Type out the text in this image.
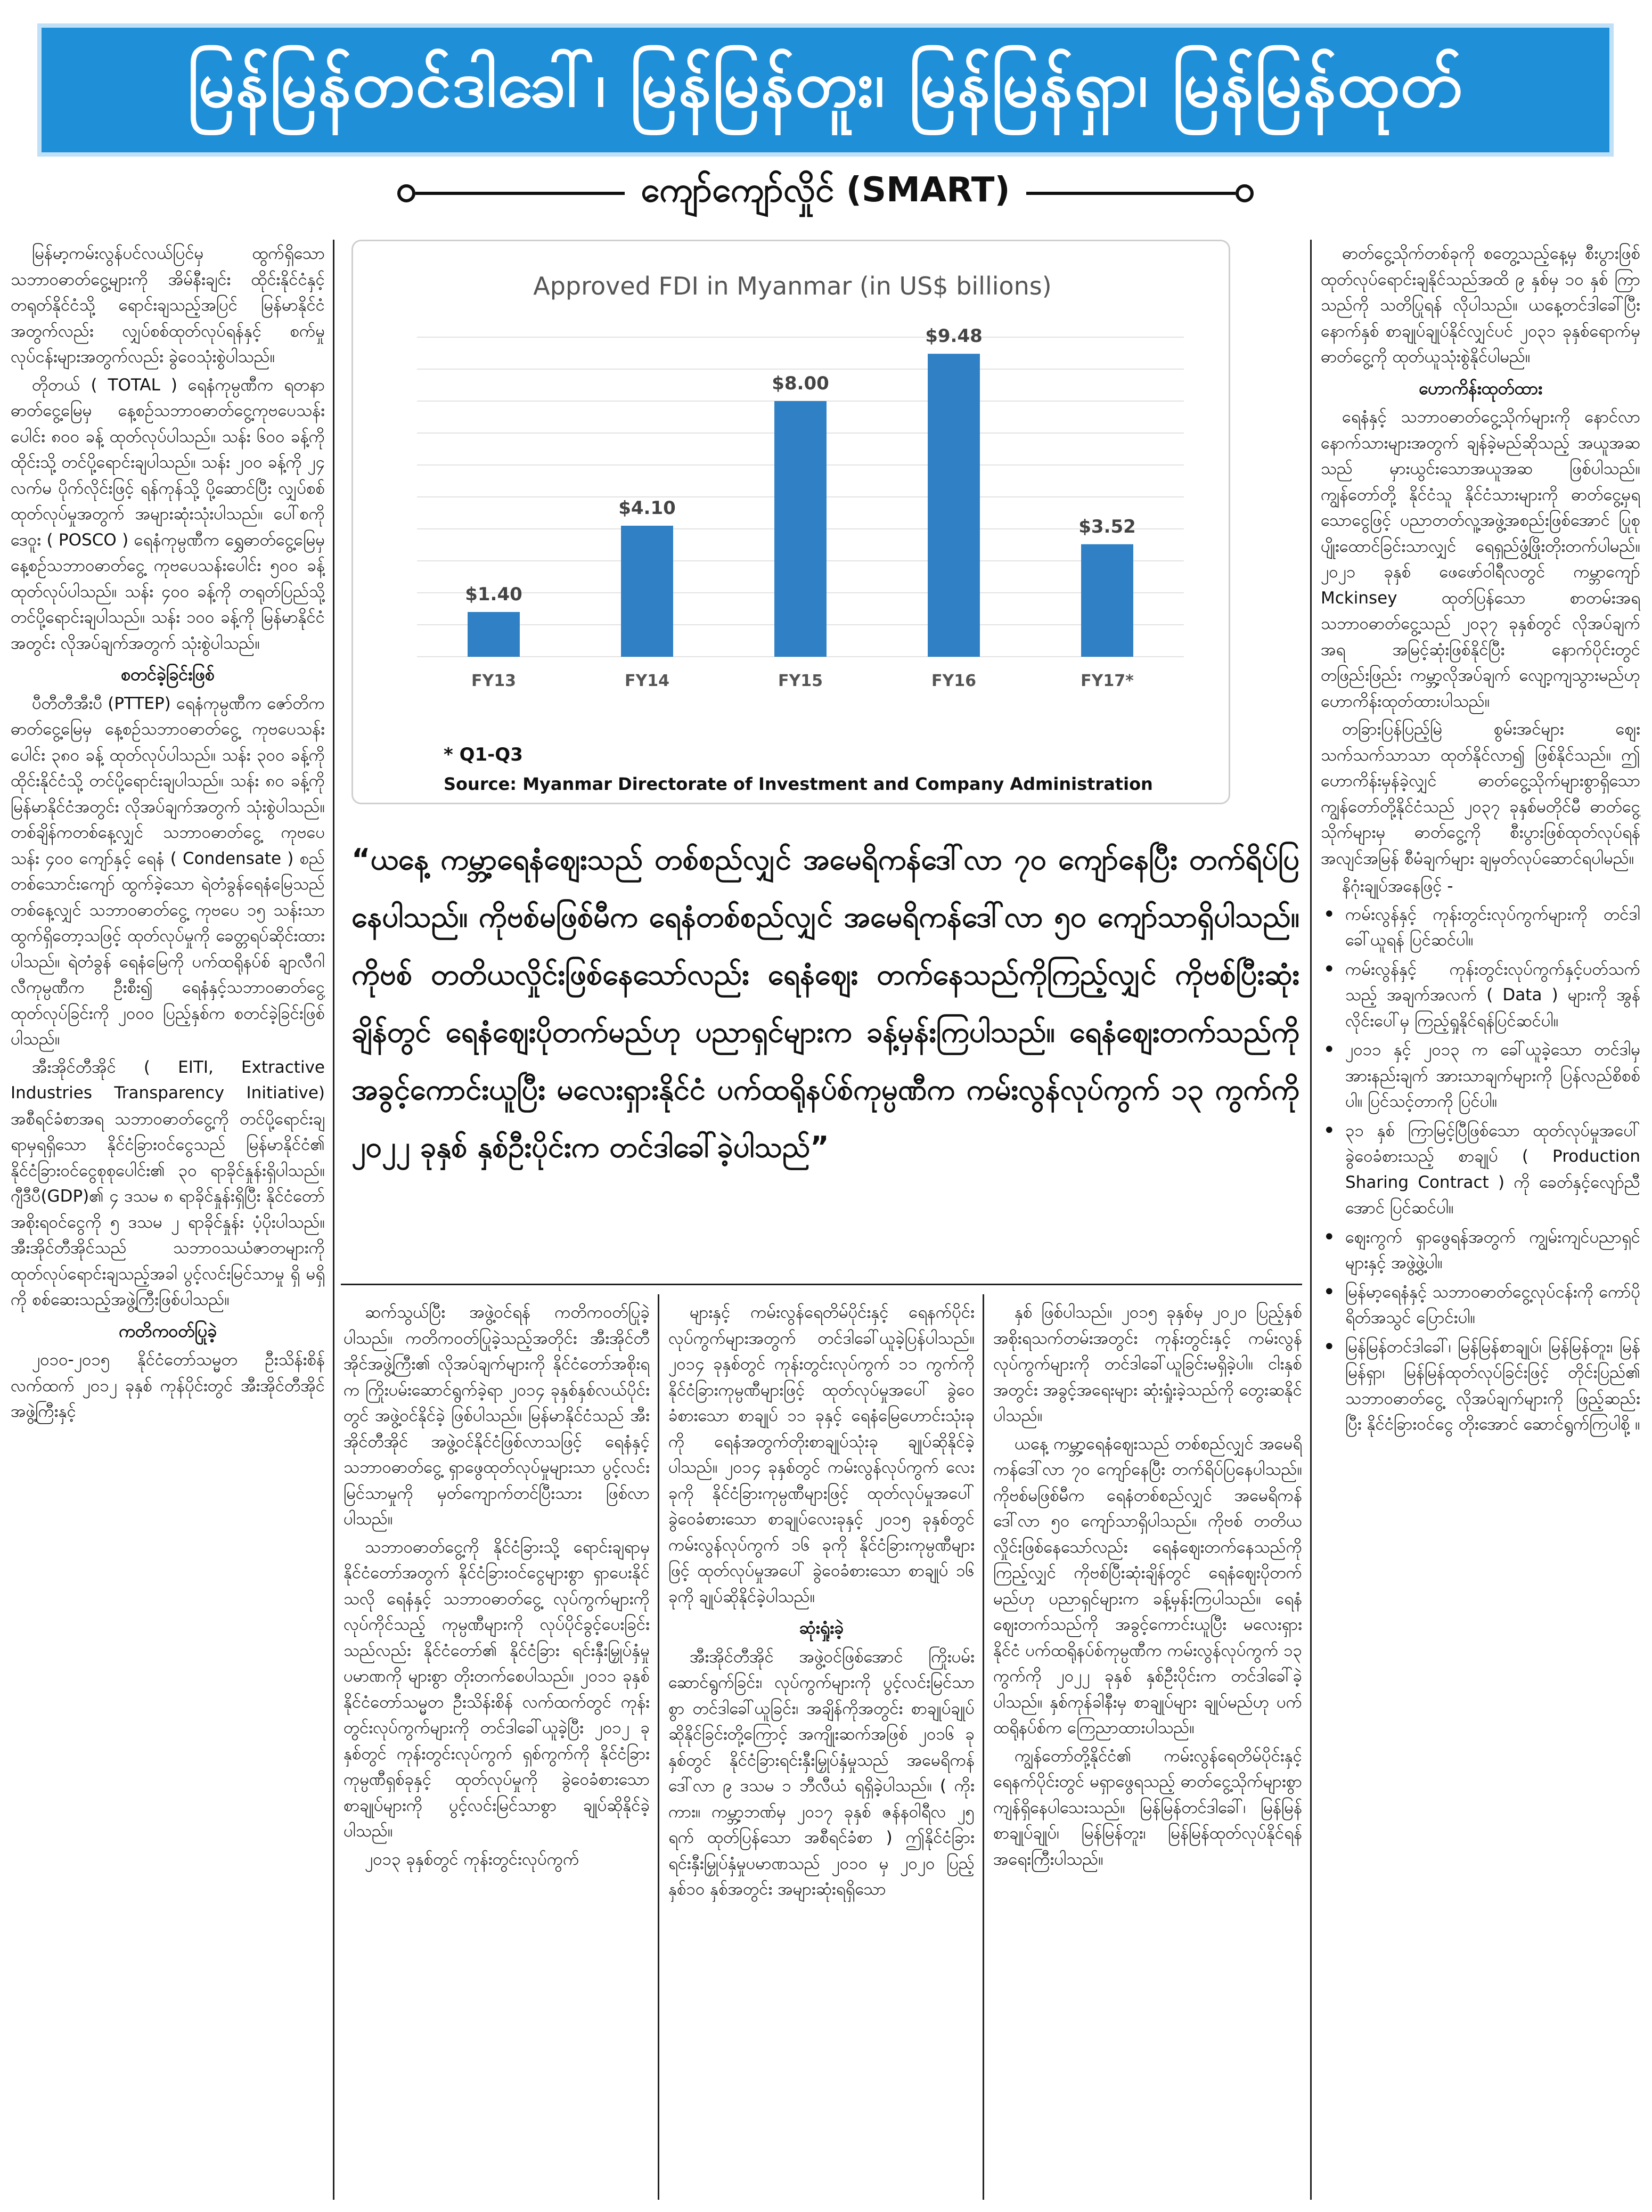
မြန်မြန်တင်ဒါခေါ်၊ မြန်မြန်တူး၊ မြန်မြန်ရှာ၊ မြန်မြန်ထုတ်
ကျော်ကျော်လှိုင် (SMART)

မြန်မာ့ကမ်းလွန်ပင်လယ်ပြင်မှ ထွက်ရှိသော သဘာဝဓာတ်ငွေ့များကို အိမ်နီးချင်း ထိုင်းနိုင်ငံနှင့် တရုတ်နိုင်ငံသို့ ရောင်းချသည့်အပြင် မြန်မာနိုင်ငံအတွက်လည်း လျှပ်စစ်ထုတ်လုပ်ရန်နှင့် စက်မှုလုပ်ငန်းများအတွက်လည်း ခွဲဝေသုံးစွဲပါသည်။

တိုတယ် ( TOTAL ) ရေနံကုမ္ပဏီက ရတနာဓာတ်ငွေ့မြေမှ နေ့စဉ်သဘာဝဓာတ်ငွေ့ကုဗပေသန်းပေါင်း ၈၀၀ ခန့် ထုတ်လုပ်ပါသည်။ သန်း ၆၀၀ ခန့်ကို ထိုင်းသို့ တင်ပို့ရောင်းချပါသည်။ သန်း ၂၀၀ ခန့်ကို ၂၄ လက်မ ပိုက်လိုင်းဖြင့် ရန်ကုန်သို့ ပို့ဆောင်ပြီး လျှပ်စစ်ထုတ်လုပ်မှုအတွက် အများဆုံးသုံးပါသည်။ ပေါ်စကိုဒေဝူး ( POSCO ) ရေနံကုမ္ပဏီက ရွှေဓာတ်ငွေ့မြေမှ နေ့စဉ်သဘာဝဓာတ်ငွေ့ ကုဗပေသန်းပေါင်း ၅၀၀ ခန့် ထုတ်လုပ်ပါသည်။ သန်း ၄၀၀ ခန့်ကို တရုတ်ပြည်သို့ တင်ပို့ရောင်းချပါသည်။ သန်း ၁၀၀ ခန့်ကို မြန်မာနိုင်ငံအတွင်း လိုအပ်ချက်အတွက် သုံးစွဲပါသည်။

စတင်ခဲ့ခြင်းဖြစ်

ပီတီတီအီးပီ (PTTEP) ရေနံကုမ္ပဏီက ဇော်တိကဓာတ်ငွေ့မြေမှ နေ့စဉ်သဘာဝဓာတ်ငွေ့ ကုဗပေသန်းပေါင်း ၃၈၀ ခန့် ထုတ်လုပ်ပါသည်။ သန်း ၃၀၀ ခန့်ကို ထိုင်းနိုင်ငံသို့ တင်ပို့ရောင်းချပါသည်။ သန်း ၈၀ ခန့်ကို မြန်မာနိုင်ငံအတွင်း လိုအပ်ချက်အတွက် သုံးစွဲပါသည်။ တစ်ချိန်ကတစ်နေ့လျှင် သဘာဝဓာတ်ငွေ့ ကုဗပေ သန်း ၄၀၀ ကျော်နှင့် ရေနံ ( Condensate ) စည် တစ်သောင်းကျော် ထွက်ခဲ့သော ရဲတံခွန်ရေနံမြေသည် တစ်နေ့လျှင် သဘာဝဓာတ်ငွေ့ ကုဗပေ ၁၅ သန်းသာ ထွက်ရှိတော့သဖြင့် ထုတ်လုပ်မှုကို ခေတ္တရပ်ဆိုင်းထားပါသည်။ ရဲတံခွန် ရေနံမြေကို ပက်ထရိုနပ်စ် ချာလီဂါလီကုမ္ပဏီက ဦးစီး၍ ရေနံနှင့်သဘာဝဓာတ်ငွေ့ ထုတ်လုပ်ခြင်းကို ၂၀၀၀ ပြည့်နှစ်က စတင်ခဲ့ခြင်းဖြစ်ပါသည်။

အီးအိုင်တီအိုင် ( EITI, Extractive Industries Transparency Initiative) အစီရင်ခံစာအရ သဘာဝဓာတ်ငွေ့ကို တင်ပို့ရောင်းချရာမှရရှိသော နိုင်ငံခြားဝင်ငွေသည် မြန်မာနိုင်ငံ၏ နိုင်ငံခြားဝင်ငွေစုစုပေါင်း၏ ၃၀ ရာခိုင်နှုန်းရှိပါသည်။ ဂျီဒီပီ(GDP)၏ ၄ ဒသမ ၈ ရာခိုင်နှုန်းရှိပြီး နိုင်ငံတော်အစိုးရဝင်ငွေကို ၅ ဒသမ ၂ ရာခိုင်နှုန်း ပံ့ပိုးပါသည်။ အီးအိုင်တီအိုင်သည် သဘာဝသယံဇာတများကို ထုတ်လုပ်ရောင်းချသည့်အခါ ပွင့်လင်းမြင်သာမှု ရှိ မရှိကို စစ်ဆေးသည့်အဖွဲ့ကြီးဖြစ်ပါသည်။

ကတိကဝတ်ပြုခဲ့

၂၀၁၀-၂၀၁၅ နိုင်ငံတော်သမ္မတ ဦးသိန်းစိန်လက်ထက် ၂၀၁၂ ခုနှစ် ကုန်ပိုင်းတွင် အီးအိုင်တီအိုင်အဖွဲ့ကြီးနှင့်

Approved FDI in Myanmar (in US$ billions)
$1.40
$4.10
$8.00
$9.48
$3.52
FY13	FY14	FY15	FY16	FY17*
* Q1-Q3
Source: Myanmar Directorate of Investment and Company Administration
“ယနေ့ ကမ္ဘာ့ရေနံဈေးသည် တစ်စည်လျှင် အမေရိကန်ဒေါ်လာ ၇၀ ကျော်နေပြီး တက်ရိပ်ပြနေပါသည်။ ကိုဗစ်မဖြစ်မီက ရေနံတစ်စည်လျှင် အမေရိကန်ဒေါ်လာ ၅၀ ကျော်သာရှိပါသည်။ ကိုဗစ် တတိယလှိုင်းဖြစ်နေသော်လည်း ရေနံဈေး တက်နေသည်ကိုကြည့်လျှင် ကိုဗစ်ပြီးဆုံးချိန်တွင် ရေနံဈေးပိုတက်မည်ဟု ပညာရှင်များက ခန့်မှန်းကြပါသည်။ ရေနံဈေးတက်သည်ကို အခွင့်ကောင်းယူပြီး မလေးရှားနိုင်ငံ ပက်ထရိုနပ်စ်ကုမ္ပဏီက ကမ်းလွန်လုပ်ကွက် ၁၃ ကွက်ကို ၂၀၂၂ ခုနှစ် နှစ်ဦးပိုင်းက တင်ဒါခေါ်ခဲ့ပါသည်”

ဆက်သွယ်ပြီး အဖွဲ့ဝင်ရန် ကတိကဝတ်ပြုခဲ့ပါသည်။ ကတိကဝတ်ပြုခဲ့သည့်အတိုင်း အီးအိုင်တီအိုင်အဖွဲ့ကြီး၏ လိုအပ်ချက်များကို နိုင်ငံတော်အစိုးရက ကြိုးပမ်းဆောင်ရွက်ခဲ့ရာ ၂၀၁၄ ခုနှစ်နှစ်လယ်ပိုင်းတွင် အဖွဲ့ဝင်နိုင်ခဲ့ ဖြစ်ပါသည်။ မြန်မာနိုင်ငံသည် အီးအိုင်တီအိုင် အဖွဲ့ဝင်နိုင်ငံဖြစ်လာသဖြင့် ရေနံနှင့် သဘာဝဓာတ်ငွေ့ ရှာဖွေထုတ်လုပ်မှုများသာ ပွင့်လင်းမြင်သာမှုကို မှတ်ကျောက်တင်ပြီးသား ဖြစ်လာပါသည်။

သဘာဝဓာတ်ငွေ့ကို နိုင်ငံခြားသို့ ရောင်းချရာမှ နိုင်ငံတော်အတွက် နိုင်ငံခြားဝင်ငွေများစွာ ရှာပေးနိုင်သလို ရေနံနှင့် သဘာဝဓာတ်ငွေ့ လုပ်ကွက်များကို လုပ်ကိုင်သည့် ကုမ္ပဏီများကို လုပ်ပိုင်ခွင့်ပေးခြင်းသည်လည်း နိုင်ငံတော်၏ နိုင်ငံခြား ရင်းနှီးမြှုပ်နှံမှုပမာဏကို များစွာ တိုးတက်စေပါသည်။ ၂၀၁၁ ခုနှစ်နိုင်ငံတော်သမ္မတ ဦးသိန်းစိန် လက်ထက်တွင် ကုန်းတွင်းလုပ်ကွက်များကို တင်ဒါခေါ်ယူခဲ့ပြီး ၂၀၁၂ ခုနှစ်တွင် ကုန်းတွင်းလုပ်ကွက် ရှစ်ကွက်ကို နိုင်ငံခြားကုမ္ပဏီရှစ်ခုနှင့် ထုတ်လုပ်မှုကို ခွဲဝေခံစားသော စာချုပ်များကို ပွင့်လင်းမြင်သာစွာ ချုပ်ဆိုနိုင်ခဲ့ပါသည်။

၂၀၁၃ ခုနှစ်တွင် ကုန်းတွင်းလုပ်ကွက်

များနှင့် ကမ်းလွန်ရေတိမ်ပိုင်းနှင့် ရေနက်ပိုင်း လုပ်ကွက်များအတွက် တင်ဒါခေါ်ယူခဲ့ပြန်ပါသည်။ ၂၀၁၄ ခုနှစ်တွင် ကုန်းတွင်းလုပ်ကွက် ၁၁ ကွက်ကို နိုင်ငံခြားကုမ္ပဏီများဖြင့် ထုတ်လုပ်မှုအပေါ် ခွဲဝေခံစားသော စာချုပ် ၁၁ ခုနှင့် ရေနံမြေဟောင်းသုံးခုကို ရေနံအတွက်တိုးစာချုပ်သုံးခု ချုပ်ဆိုနိုင်ခဲ့ပါသည်။ ၂၀၁၄ ခုနှစ်တွင် ကမ်းလွန်လုပ်ကွက် လေးခုကို နိုင်ငံခြားကုမ္ပဏီများဖြင့် ထုတ်လုပ်မှုအပေါ် ခွဲဝေခံစားသော စာချုပ်လေးခုနှင့် ၂၀၁၅ ခုနှစ်တွင် ကမ်းလွန်လုပ်ကွက် ၁၆ ခုကို နိုင်ငံခြားကုမ္ပဏီများဖြင့် ထုတ်လုပ်မှုအပေါ် ခွဲဝေခံစားသော စာချုပ် ၁၆ ခုကို ချုပ်ဆိုနိုင်ခဲ့ပါသည်။

ဆုံးရှုံးခဲ့

အီးအိုင်တီအိုင် အဖွဲ့ဝင်ဖြစ်အောင် ကြိုးပမ်းဆောင်ရွက်ခြင်း၊ လုပ်ကွက်များကို ပွင့်လင်းမြင်သာစွာ တင်ဒါခေါ်ယူခြင်း၊ အချိန်ကိုအတွင်း စာချုပ်ချုပ်ဆိုနိုင်ခြင်းတို့ကြောင့် အကျိုးဆက်အဖြစ် ၂၀၁၆ ခုနှစ်တွင် နိုင်ငံခြားရင်းနှီးမြှုပ်နှံမှုသည် အမေရိကန်ဒေါ်လာ ၉ ဒသမ ၁ ဘီလီယံ ရရှိခဲ့ပါသည်။ ( ကိုးကား။ ကမ္ဘာ့ဘဏ်မှ ၂၀၁၇ ခုနှစ် ဇန်နဝါရီလ ၂၅ ရက် ထုတ်ပြန်သော အစီရင်ခံစာ ) ဤနိုင်ငံခြားရင်းနှီးမြှုပ်နှံမှုပမာဏသည် ၂၀၁၀ မှ ၂၀၂၀ ပြည့်နှစ်၁၀ နှစ်အတွင်း အများဆုံးရရှိသော

နှစ် ဖြစ်ပါသည်။ ၂၀၁၅ ခုနှစ်မှ ၂၀၂၀ ပြည့်နှစ် အစိုးရသက်တမ်းအတွင်း ကုန်းတွင်းနှင့် ကမ်းလွန်လုပ်ကွက်များကို တင်ဒါခေါ်ယူခြင်းမရှိခဲ့ပါ။ ငါးနှစ်အတွင်း အခွင့်အရေးများ ဆုံးရှုံးခဲ့သည်ကို တွေးဆနိုင်ပါသည်။

ယနေ့ ကမ္ဘာ့ရေနံဈေးသည် တစ်စည်လျှင် အမေရိကန်ဒေါ်လာ ၇၀ ကျော်နေပြီး တက်ရိပ်ပြနေပါသည်။ ကိုဗစ်မဖြစ်မီက ရေနံတစ်စည်လျှင် အမေရိကန်ဒေါ်လာ ၅၀ ကျော်သာရှိပါသည်။ ကိုဗစ် တတိယလှိုင်းဖြစ်နေသော်လည်း ရေနံဈေးတက်နေသည်ကိုကြည့်လျှင် ကိုဗစ်ပြီးဆုံးချိန်တွင် ရေနံဈေးပိုတက်မည်ဟု ပညာရှင်များက ခန့်မှန်းကြပါသည်။ ရေနံဈေးတက်သည်ကို အခွင့်ကောင်းယူပြီး မလေးရှားနိုင်ငံ ပက်ထရိုနပ်စ်ကုမ္ပဏီက ကမ်းလွန်လုပ်ကွက် ၁၃ ကွက်ကို ၂၀၂၂ ခုနှစ် နှစ်ဦးပိုင်းက တင်ဒါခေါ်ခဲ့ပါသည်။ နှစ်ကုန်ခါနီးမှ စာချုပ်များ ချုပ်မည်ဟု ပက်ထရိုနပ်စ်က ကြေညာထားပါသည်။

ကျွန်တော်တို့နိုင်ငံ၏ ကမ်းလွန်ရေတိမ်ပိုင်းနှင့် ရေနက်ပိုင်းတွင် မရှာဖွေရသည့် ဓာတ်ငွေ့သိုက်များစွာ ကျန်ရှိနေပါသေးသည်။ မြန်မြန်တင်ဒါခေါ်၊ မြန်မြန်စာချုပ်ချုပ်၊ မြန်မြန်တူး၊ မြန်မြန်ထုတ်လုပ်နိုင်ရန် အရေးကြီးပါသည်။

ဓာတ်ငွေ့သိုက်တစ်ခုကို စတွေ့သည့်နေ့မှ စီးပွားဖြစ် ထုတ်လုပ်ရောင်းချနိုင်သည်အထိ ၉ နှစ်မှ ၁၀ နှစ် ကြာသည်ကို သတိပြုရန် လိုပါသည်။ ယနေ့တင်ဒါခေါ်ပြီး နောက်နှစ် စာချုပ်ချုပ်နိုင်လျှင်ပင် ၂၀၃၁ ခုနှစ်ရောက်မှ ဓာတ်ငွေ့ကို ထုတ်ယူသုံးစွဲနိုင်ပါမည်။

ဟောကိန်းထုတ်ထား

ရေနံနှင့် သဘာဝဓာတ်ငွေ့သိုက်များကို နောင်လာနောက်သားများအတွက် ချန်ခဲ့မည်ဆိုသည့် အယူအဆသည် မှားယွင်းသောအယူအဆ ဖြစ်ပါသည်။ ကျွန်တော်တို့ နိုင်ငံသူ နိုင်ငံသားများကို ဓာတ်ငွေ့မှရသောငွေဖြင့် ပညာတတ်လူ့အဖွဲ့အစည်းဖြစ်အောင် ပြုစုပျိုးထောင်ခြင်းသာလျှင် ရေရှည်ဖွံ့ဖြိုးတိုးတက်ပါမည်။ ၂၀၂၁ ခုနှစ် ဖေဖော်ဝါရီလတွင် ကမ္ဘာကျော် Mckinsey ထုတ်ပြန်သော စာတမ်းအရ သဘာဝဓာတ်ငွေ့သည် ၂၀၃၇ ခုနှစ်တွင် လိုအပ်ချက်အရ အမြင့်ဆုံးဖြစ်နိုင်ပြီး နောက်ပိုင်းတွင် တဖြည်းဖြည်း ကမ္ဘာ့လိုအပ်ချက် လျော့ကျသွားမည်ဟု ဟောကိန်းထုတ်ထားပါသည်။

တခြားပြန်ပြည့်မြဲ စွမ်းအင်များ ဈေးသက်သက်သာသာ ထုတ်နိုင်လာ၍ ဖြစ်နိုင်သည်။ ဤဟောကိန်းမှန်ခဲ့လျှင် ဓာတ်ငွေ့သိုက်များစွာရှိသော ကျွန်တော်တို့နိုင်ငံသည် ၂၀၃၇ ခုနှစ်မတိုင်မီ ဓာတ်ငွေ့သိုက်များမှ ဓာတ်ငွေ့ကို စီးပွားဖြစ်ထုတ်လုပ်ရန် အလျင်အမြန် စီမံချက်များ ချမှတ်လုပ်ဆောင်ရပါမည်။

နိဂုံးချုပ်အနေဖြင့် -

• ကမ်းလွန်နှင့် ကုန်းတွင်းလုပ်ကွက်များကို တင်ဒါခေါ်ယူရန် ပြင်ဆင်ပါ။
• ကမ်းလွန်နှင့် ကုန်းတွင်းလုပ်ကွက်နှင့်ပတ်သက်သည့် အချက်အလက် ( Data ) များကို အွန်လိုင်းပေါ်မှ ကြည့်ရှုနိုင်ရန်ပြင်ဆင်ပါ။
• ၂၀၁၁ နှင့် ၂၀၁၃ က ခေါ်ယူခဲ့သော တင်ဒါမှ အားနည်းချက် အားသာချက်များကို ပြန်လည်စိစစ်ပါ။ ပြင်သင့်တာကို ပြင်ပါ။
• ၃၁ နှစ် ကြာမြင့်ပြီဖြစ်သော ထုတ်လုပ်မှုအပေါ် ခွဲဝေခံစားသည့် စာချုပ် ( Production Sharing Contract ) ကို ခေတ်နှင့်လျော်ညီအောင် ပြင်ဆင်ပါ။
• ဈေးကွက် ရှာဖွေရန်အတွက် ကျွမ်းကျင်ပညာရှင်များနှင့် အဖွဲ့ဖွဲ့ပါ။
• မြန်မာ့ရေနံနှင့် သဘာဝဓာတ်ငွေ့လုပ်ငန်းကို ကော်ပိုရိတ်အသွင် ပြောင်းပါ။
• မြန်မြန်တင်ဒါခေါ်၊ မြန်မြန်စာချုပ်၊ မြန်မြန်တူး၊ မြန်မြန်ရှာ၊ မြန်မြန်ထုတ်လုပ်ခြင်းဖြင့် တိုင်းပြည်၏ သဘာဝဓာတ်ငွေ့ လိုအပ်ချက်များကို ဖြည့်ဆည်းပြီး နိုင်ငံခြားဝင်ငွေ တိုးအောင် ဆောင်ရွက်ကြပါစို့ ။
